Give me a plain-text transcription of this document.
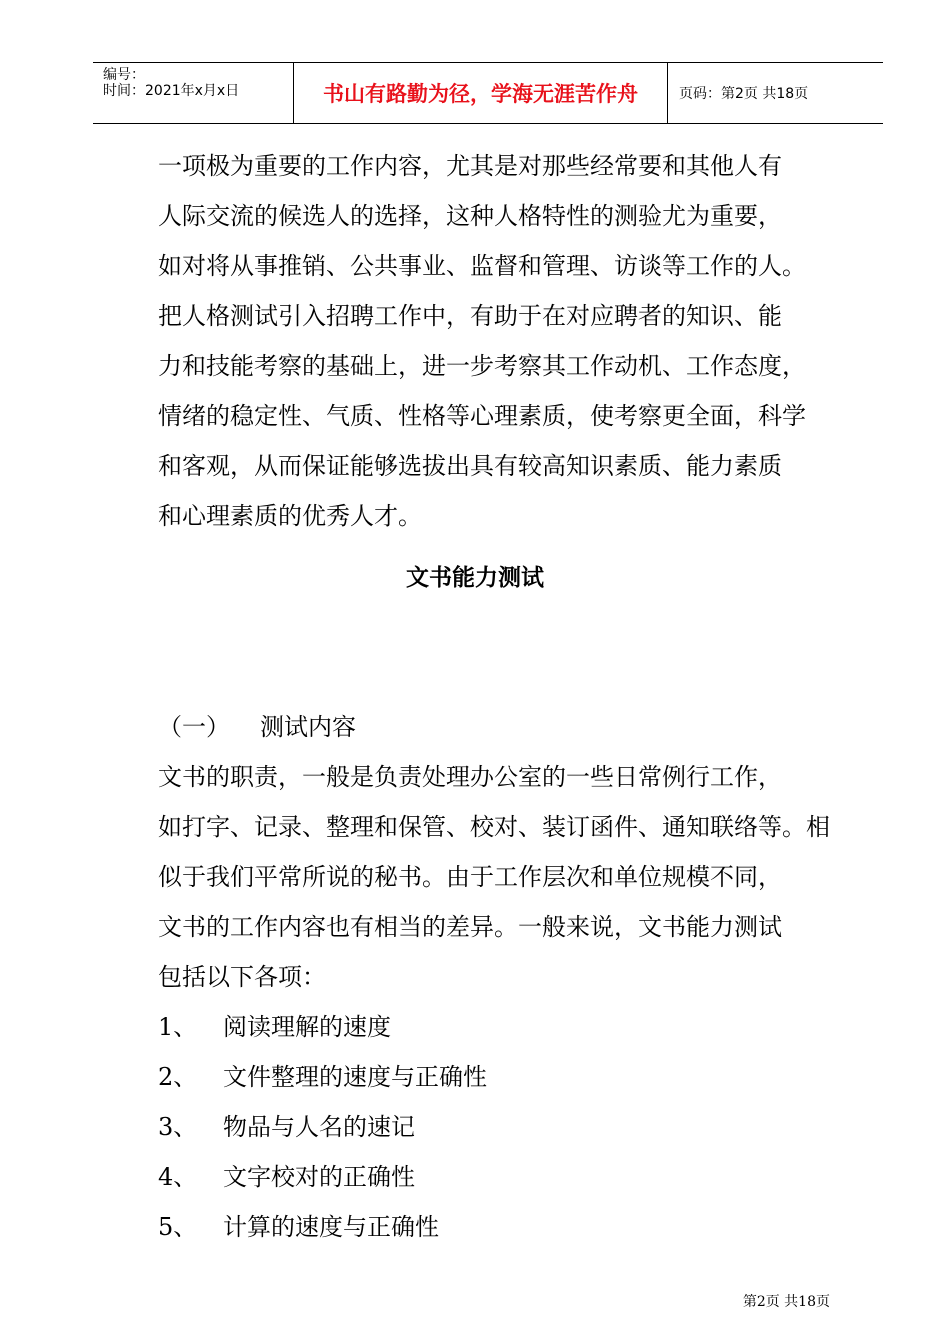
编号：
时间：2021年x月x日	书山有路勤为径，学海无涯苦作舟	页码：第2页 共18页
一项极为重要的工作内容，尤其是对那些经常要和其他人有
人际交流的候选人的选择，这种人格特性的测验尤为重要，
如对将从事推销、公共事业、监督和管理、访谈等工作的人。
把人格测试引入招聘工作中，有助于在对应聘者的知识、能
力和技能考察的基础上，进一步考察其工作动机、工作态度，
情绪的稳定性、气质、性格等心理素质，使考察更全面，科学
和客观，从而保证能够选拔出具有较高知识素质、能力素质
和心理素质的优秀人才。
文书能力测试
（一） 测试内容
文书的职责，一般是负责处理办公室的一些日常例行工作，
如打字、记录、整理和保管、校对、装订函件、通知联络等。相
似于我们平常所说的秘书。由于工作层次和单位规模不同，
文书的工作内容也有相当的差异。一般来说，文书能力测试
包括以下各项：
1、 阅读理解的速度
2、 文件整理的速度与正确性
3、 物品与人名的速记
4、 文字校对的正确性
5、 计算的速度与正确性
第2页 共18页
